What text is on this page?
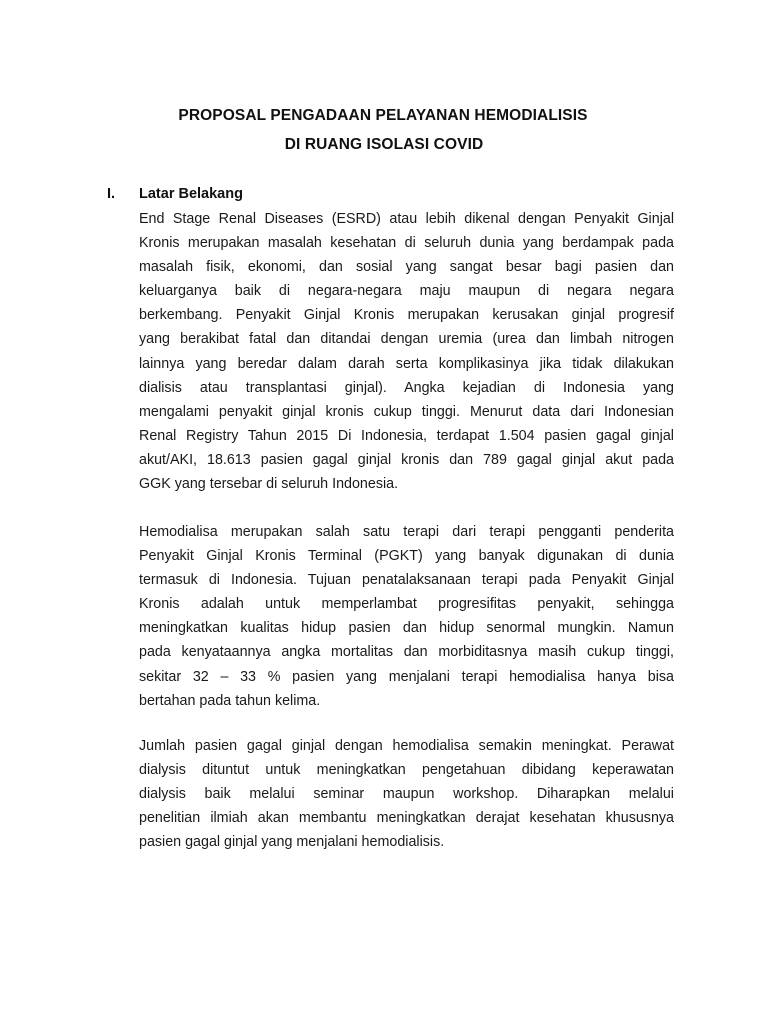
PROPOSAL PENGADAAN PELAYANAN HEMODIALISIS
DI RUANG ISOLASI COVID
I. Latar Belakang
End Stage Renal Diseases (ESRD) atau lebih dikenal dengan Penyakit Ginjal
Kronis merupakan masalah kesehatan di seluruh dunia yang berdampak pada
masalah fisik, ekonomi, dan sosial yang sangat besar bagi pasien dan
keluarganya baik di negara-negara maju maupun di negara negara
berkembang. Penyakit Ginjal Kronis merupakan kerusakan ginjal progresif
yang berakibat fatal dan ditandai dengan uremia (urea dan limbah nitrogen
lainnya yang beredar dalam darah serta komplikasinya jika tidak dilakukan
dialisis atau transplantasi ginjal). Angka kejadian di Indonesia yang
mengalami penyakit ginjal kronis cukup tinggi. Menurut data dari Indonesian
Renal Registry Tahun 2015 Di Indonesia, terdapat 1.504 pasien gagal ginjal
akut/AKI, 18.613 pasien gagal ginjal kronis dan 789 gagal ginjal akut pada
GGK yang tersebar di seluruh Indonesia.
Hemodialisa merupakan salah satu terapi dari terapi pengganti penderita
Penyakit Ginjal Kronis Terminal (PGKT) yang banyak digunakan di dunia
termasuk di Indonesia. Tujuan penatalaksanaan terapi pada Penyakit Ginjal
Kronis adalah untuk memperlambat progresifitas penyakit, sehingga
meningkatkan kualitas hidup pasien dan hidup senormal mungkin. Namun
pada kenyataannya angka mortalitas dan morbiditasnya masih cukup tinggi,
sekitar 32 – 33 % pasien yang menjalani terapi hemodialisa hanya bisa
bertahan pada tahun kelima.
Jumlah pasien gagal ginjal dengan hemodialisa semakin meningkat. Perawat
dialysis dituntut untuk meningkatkan pengetahuan dibidang keperawatan
dialysis baik melalui seminar maupun workshop. Diharapkan melalui
penelitian ilmiah akan membantu meningkatkan derajat kesehatan khususnya
pasien gagal ginjal yang menjalani hemodialisis.
